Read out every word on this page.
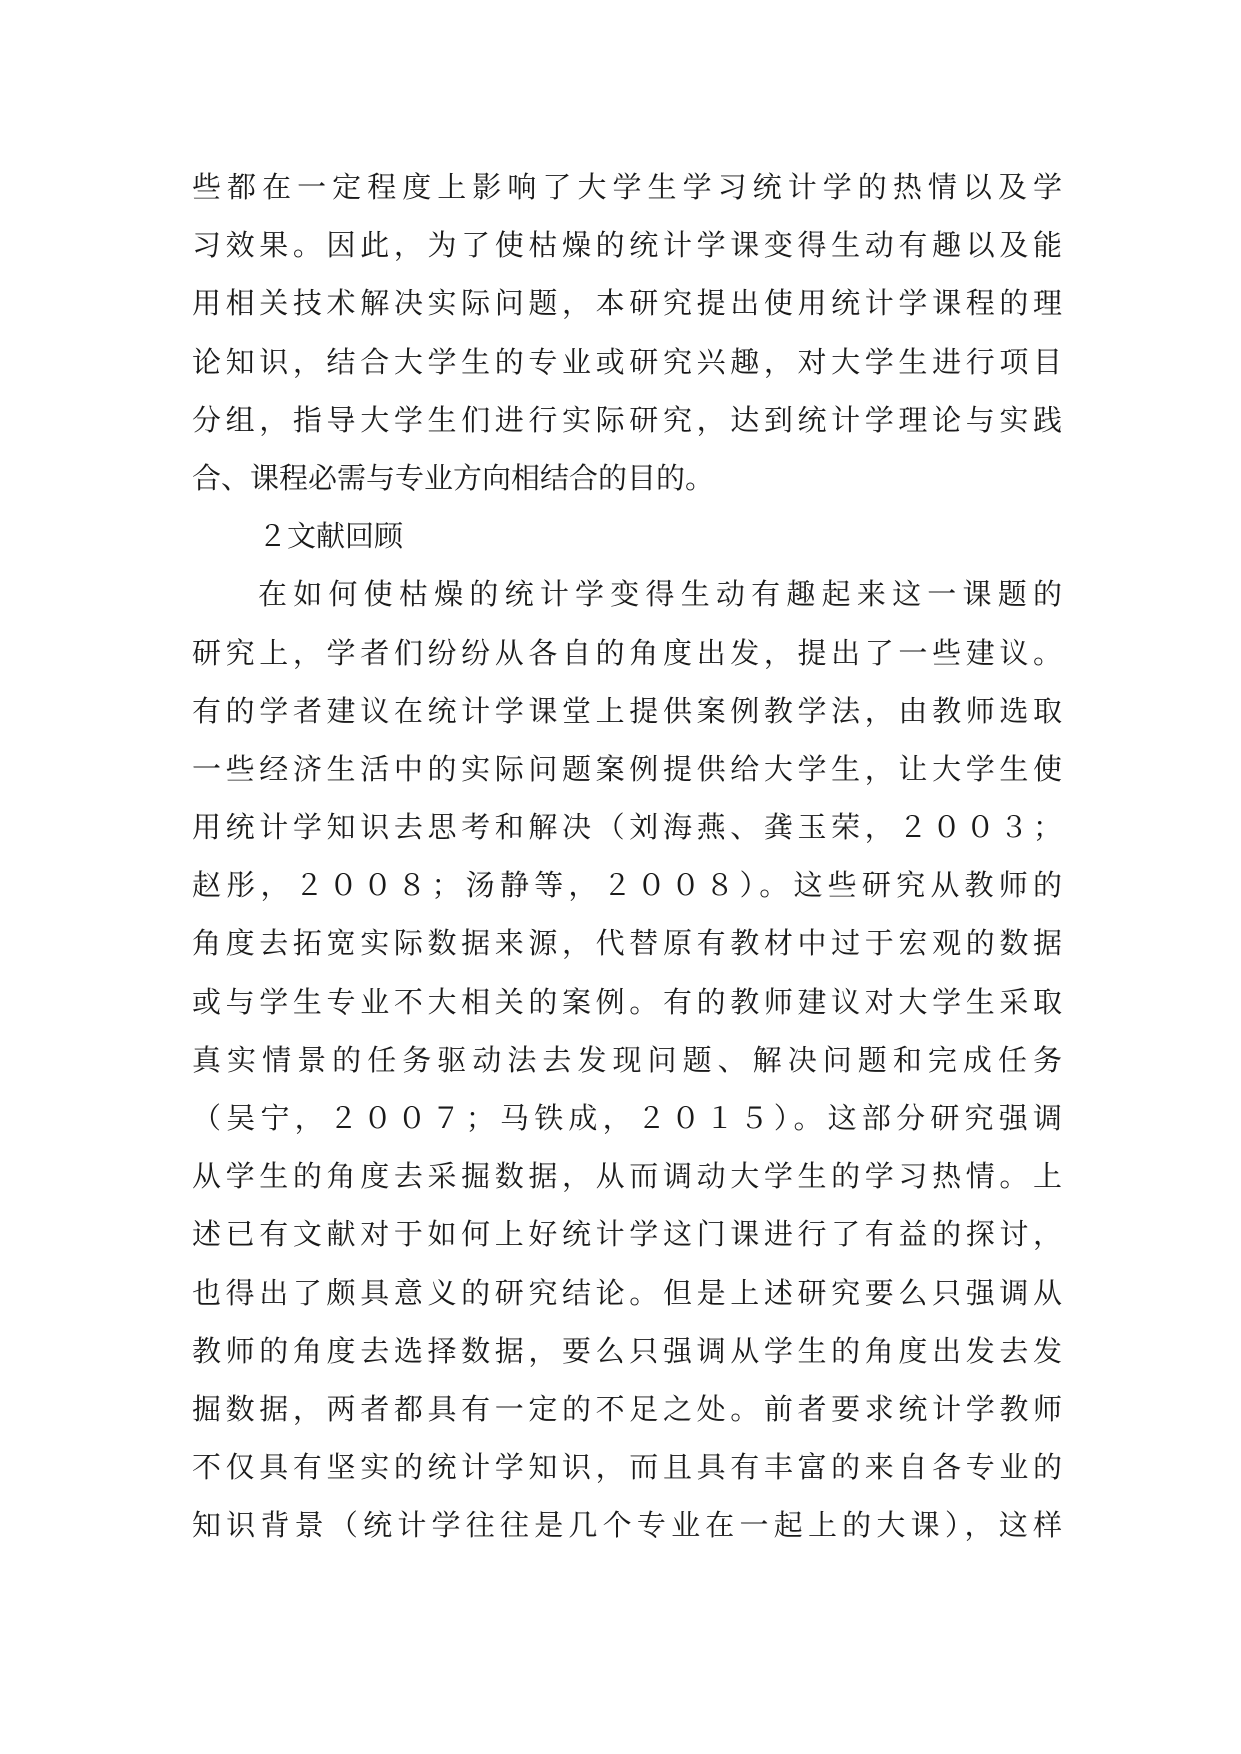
些都在一定程度上影响了大学生学习统计学的热情以及学
习效果。因此，为了使枯燥的统计学课变得生动有趣以及能
用相关技术解决实际问题，本研究提出使用统计学课程的理
论知识，结合大学生的专业或研究兴趣，对大学生进行项目
分组，指导大学生们进行实际研究，达到统计学理论与实践
合、课程必需与专业方向相结合的目的。
２文献回顾
在如何使枯燥的统计学变得生动有趣起来这一课题的
研究上，学者们纷纷从各自的角度出发，提出了一些建议。
有的学者建议在统计学课堂上提供案例教学法，由教师选取
一些经济生活中的实际问题案例提供给大学生，让大学生使
用统计学知识去思考和解决（刘海燕、龚玉荣，２００３；
赵彤，２００８；汤静等，２００８）。这些研究从教师的
角度去拓宽实际数据来源，代替原有教材中过于宏观的数据
或与学生专业不大相关的案例。有的教师建议对大学生采取
真实情景的任务驱动法去发现问题、解决问题和完成任务
（吴宁，２００７；马铁成，２０１５）。这部分研究强调
从学生的角度去采掘数据，从而调动大学生的学习热情。上
述已有文献对于如何上好统计学这门课进行了有益的探讨，
也得出了颇具意义的研究结论。但是上述研究要么只强调从
教师的角度去选择数据，要么只强调从学生的角度出发去发
掘数据，两者都具有一定的不足之处。前者要求统计学教师
不仅具有坚实的统计学知识，而且具有丰富的来自各专业的
知识背景（统计学往往是几个专业在一起上的大课），这样
